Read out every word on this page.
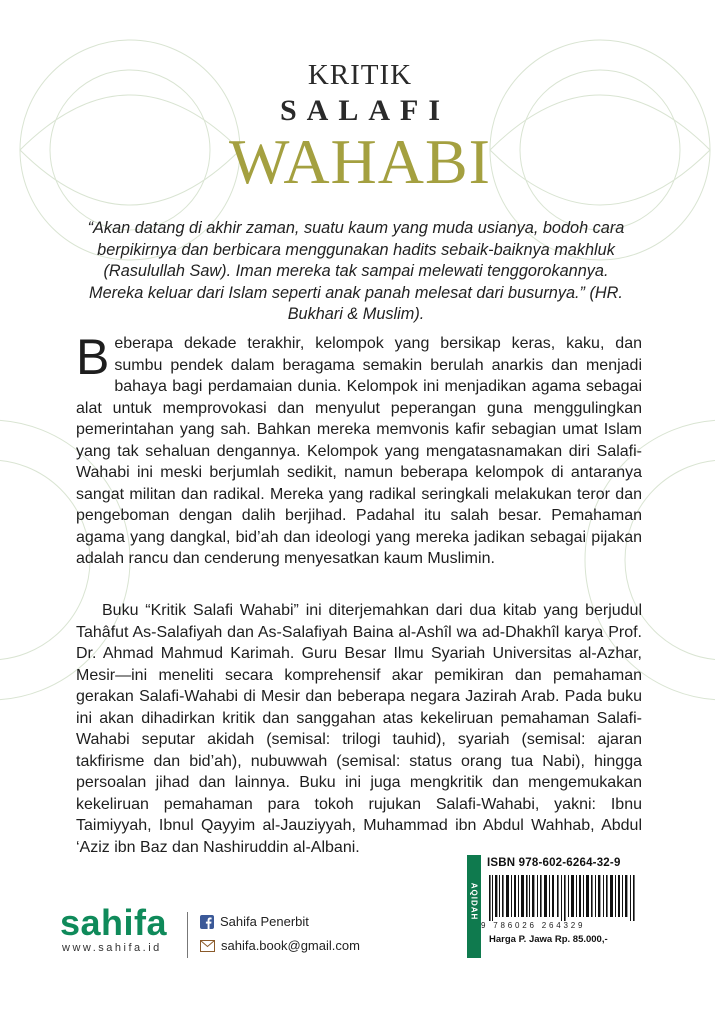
KRITIK
SALAFI
WAHABI
“Akan datang di akhir zaman, suatu kaum yang muda usianya, bodoh cara berpikirnya dan berbicara menggunakan hadits sebaik-baiknya makhluk (Rasulullah Saw). Iman mereka tak sampai melewati tenggorokannya. Mereka keluar dari Islam seperti anak panah melesat dari busurnya.” (HR. Bukhari & Muslim).
B eberapa dekade terakhir, kelompok yang bersikap keras, kaku, dan sumbu pendek dalam beragama semakin berulah anarkis dan menjadi bahaya bagi perdamaian dunia. Kelompok ini menjadikan agama sebagai alat untuk memprovokasi dan menyulut peperangan guna menggulingkan pemerintahan yang sah. Bahkan mereka memvonis kafir sebagian umat Islam yang tak sehaluan dengannya. Kelompok yang mengatasnamakan diri Salafi-Wahabi ini meski berjumlah sedikit, namun beberapa kelompok di antaranya sangat militan dan radikal. Mereka yang radikal seringkali melakukan teror dan pengeboman dengan dalih berjihad. Padahal itu salah besar. Pemahaman agama yang dangkal, bid’ah dan ideologi yang mereka jadikan sebagai pijakan adalah rancu dan cenderung menyesatkan kaum Muslimin.
Buku “Kritik Salafi Wahabi” ini diterjemahkan dari dua kitab yang berjudul Tahâfut As-Salafiyah dan As-Salafiyah Baina al-Ashîl wa ad-Dhakhîl karya Prof. Dr. Ahmad Mahmud Karimah. Guru Besar Ilmu Syariah Universitas al-Azhar, Mesir—ini meneliti secara komprehensif akar pemikiran dan pemahaman gerakan Salafi-Wahabi di Mesir dan beberapa negara Jazirah Arab. Pada buku ini akan dihadirkan kritik dan sanggahan atas kekeliruan pemahaman Salafi-Wahabi seputar akidah (semisal: trilogi tauhid), syariah (semisal: ajaran takfirisme dan bid’ah), nubuwwah (semisal: status orang tua Nabi), hingga persoalan jihad dan lainnya. Buku ini juga mengkritik dan mengemukakan kekeliruan pemahaman para tokoh rujukan Salafi-Wahabi, yakni: Ibnu Taimiyyah, Ibnul Qayyim al-Jauziyyah, Muhammad ibn Abdul Wahhab, Abdul ‘Aziz ibn Baz dan Nashiruddin al-Albani.
sahifa
www.sahifa.id
Sahifa Penerbit
sahifa.book@gmail.com
AQIDAH
ISBN 978-602-6264-32-9
9 786026 264329
Harga P. Jawa Rp. 85.000,-
